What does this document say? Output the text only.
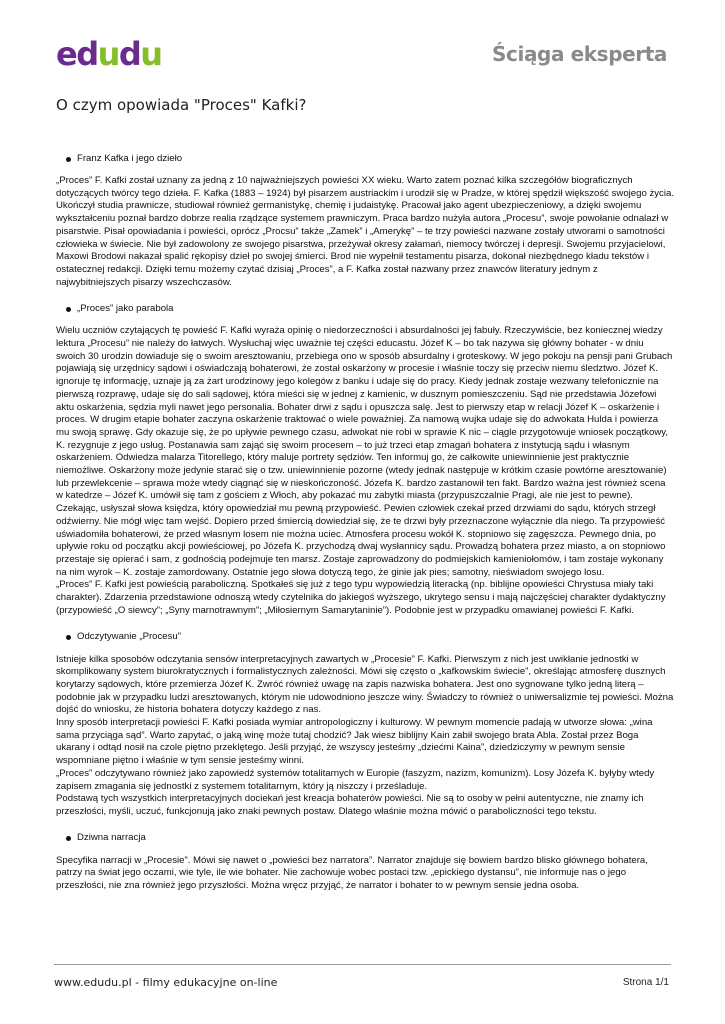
edudu	Ściąga eksperta
O czym opowiada "Proces" Kafki?
Franz Kafka i jego dzieło

„Proces” F. Kafki został uznany za jedną z 10 najważniejszych powieści XX wieku. Warto zatem poznać kilka szczegółów biograficznych dotyczących twórcy tego dzieła. F. Kafka (1883 – 1924) był pisarzem austriackim i urodził się w Pradze, w której spędził większość swojego życia. Ukończył studia prawnicze, studiował również germanistykę, chemię i judaistykę. Pracował jako agent ubezpieczeniowy, a dzięki swojemu wykształceniu poznał bardzo dobrze realia rządzące systemem prawniczym. Praca bardzo nużyła autora „Procesu”, swoje powołanie odnalazł w pisarstwie. Pisał opowiadania i powieści, oprócz „Procsu” także „Zamek” i „Amerykę” – te trzy powieści nazwane zostały utworami o samotności człowieka w świecie. Nie był zadowolony ze swojego pisarstwa, przeżywał okresy załamań, niemocy twórczej i depresji. Swojemu przyjacielowi, Maxowi Brodowi nakazał spalić rękopisy dzieł po swojej śmierci. Brod nie wypełnił testamentu pisarza, dokonał niezbędnego kładu tekstów i ostatecznej redakcji. Dzięki temu możemy czytać dzisiaj „Proces”, a F. Kafka został nazwany przez znawców literatury jednym z najwybitniejszych pisarzy wszechczasów.

„Proces” jako parabola

Wielu uczniów czytających tę powieść F. Kafki wyraża opinię o niedorzeczności i absurdalności jej fabuły. Rzeczywiście, bez koniecznej wiedzy lektura „Procesu” nie należy do łatwych. Wysłuchaj więc uważnie tej części educastu. Józef K – bo tak nazywa się główny bohater - w dniu swoich 30 urodzin dowiaduje się o swoim aresztowaniu, przebiega ono w sposób absurdalny i groteskowy. W jego pokoju na pensji pani Grubach pojawiają się urzędnicy sądowi i oświadczają bohaterowi, że został oskarżony w procesie i właśnie toczy się przeciw niemu śledztwo. Józef K. ignoruje tę informację, uznaje ją za żart urodzinowy jego kolegów z banku i udaje się do pracy. Kiedy jednak zostaje wezwany telefonicznie na pierwszą rozprawę, udaje się do sali sądowej, która mieści się w jednej z kamienic, w dusznym pomieszczeniu. Sąd nie przedstawia Józefowi aktu oskarżenia, sędzia myli nawet jego personalia. Bohater drwi z sądu i opuszcza salę. Jest to pierwszy etap w relacji Józef K – oskarżenie i proces. W drugim etapie bohater zaczyna oskarżenie traktować o wiele poważniej. Za namową wujka udaje się do adwokata Hulda i powierza mu swoją sprawę. Gdy okazuje się, że po upływie pewnego czasu, adwokat nie robi w sprawie K nic – ciągle przygotowuje wniosek początkowy, K. rezygnuje z jego usług. Postanawia sam zająć się swoim procesem – to już trzeci etap zmagań bohatera z instytucją sądu i własnym oskarżeniem. Odwiedza malarza Titorellego, który maluje portrety sędziów. Ten informuj go, że całkowite uniewinnienie jest praktycznie niemożliwe. Oskarżony może jedynie starać się o tzw. uniewinnienie pozorne (wtedy jednak następuje w krótkim czasie powtórne aresztowanie) lub przewlekcenie – sprawa może wtedy ciągnąć się w nieskończoność. Józefa K. bardzo zastanowił ten fakt. Bardzo ważna jest również scena w katedrze – Józef K. umówił się tam z gościem z Włoch, aby pokazać mu zabytki miasta (przypuszczalnie Pragi, ale nie jest to pewne). Czekając, usłyszał słowa księdza, który opowiedział mu pewną przypowieść. Pewien człowiek czekał przed drzwiami do sądu, których strzegł odźwierny. Nie mógł więc tam wejść. Dopiero przed śmiercią dowiedział się, że te drzwi były przeznaczone wyłącznie dla niego. Ta przypowieść uświadomiła bohaterowi, że przed własnym losem nie można uciec. Atmosfera procesu wokół K. stopniowo się zagęszcza. Pewnego dnia, po upływie roku od początku akcji powieściowej, po Józefa K. przychodzą dwaj wysłannicy sądu. Prowadzą bohatera przez miasto, a on stopniowo przestaje się opierać i sam, z godnością podejmuje ten marsz. Zostaje zaprowadzony do podmiejskich kamieniołomów, i tam zostaje wykonany na nim wyrok – K. zostaje zamordowany. Ostatnie jego słowa dotyczą tego, że ginie jak pies; samotny, nieświadom swojego losu.

„Proces” F. Kafki jest powieścią paraboliczną. Spotkałeś się już z tego typu wypowiedzią literacką (np. biblijne opowieści Chrystusa miały taki charakter). Zdarzenia przedstawione odnoszą wtedy czytelnika do jakiegoś wyższego, ukrytego sensu i mają najczęściej charakter dydaktyczny (przypowieść „O siewcy”; „Syny marnotrawnym”; „Miłosiernym Samarytaninie”). Podobnie jest w przypadku omawianej powieści F. Kafki.

Odczytywanie „Procesu”

Istnieje kilka sposobów odczytania sensów interpretacyjnych zawartych w „Procesie” F. Kafki. Pierwszym z nich jest uwikłanie jednostki w skomplikowany system biurokratycznych i formalistycznych zależności. Mówi się często o „kafkowskim świecie”, określając atmosferę dusznych korytarzy sądowych, które przemierza Józef K. Zwróć również uwagę na zapis nazwiska bohatera. Jest ono sygnowane tylko jedną literą – podobnie jak w przypadku ludzi aresztowanych, którym nie udowodniono jeszcze winy. Świadczy to również o uniwersalizmie tej powieści. Można dojść do wniosku, że historia bohatera dotyczy każdego z nas.

Inny sposób interpretacji powieści F. Kafki posiada wymiar antropologiczny i kulturowy. W pewnym momencie padają w utworze słowa: „wina sama przyciąga sąd”. Warto zapytać, o jaką winę może tutaj chodzić? Jak wiesz biblijny Kain zabił swojego brata Abla. Został przez Boga ukarany i odtąd nosił na czole piętno przeklętego. Jeśli przyjąć, że wszyscy jesteśmy „dziećmi Kaina”, dziedziczymy w pewnym sensie wspomniane piętno i właśnie w tym sensie jesteśmy winni.

„Proces” odczytywano również jako zapowiedź systemów totalitarnych w Europie (faszyzm, nazizm, komunizm). Losy Józefa K. byłyby wtedy zapisem zmagania się jednostki z systemem totalitarnym, który ją niszczy i prześladuje.

Podstawą tych wszystkich interpretacyjnych dociekań jest kreacja bohaterów powieści. Nie są to osoby w pełni autentyczne, nie znamy ich przeszłości, myśli, uczuć, funkcjonują jako znaki pewnych postaw. Dlatego właśnie można mówić o paraboliczności tego tekstu.

Dziwna narracja

Specyfika narracji w „Procesie”. Mówi się nawet o „powieści bez narratora”. Narrator znajduje się bowiem bardzo blisko głównego bohatera, patrzy na świat jego oczami, wie tyle, ile wie bohater. Nie zachowuje wobec postaci tzw. „epickiego dystansu”, nie informuje nas o jego przeszłości, nie zna również jego przyszłości. Można wręcz przyjąć, że narrator i bohater to w pewnym sensie jedna osoba.

www.edudu.pl - filmy edukacyjne on-line	Strona 1/1
